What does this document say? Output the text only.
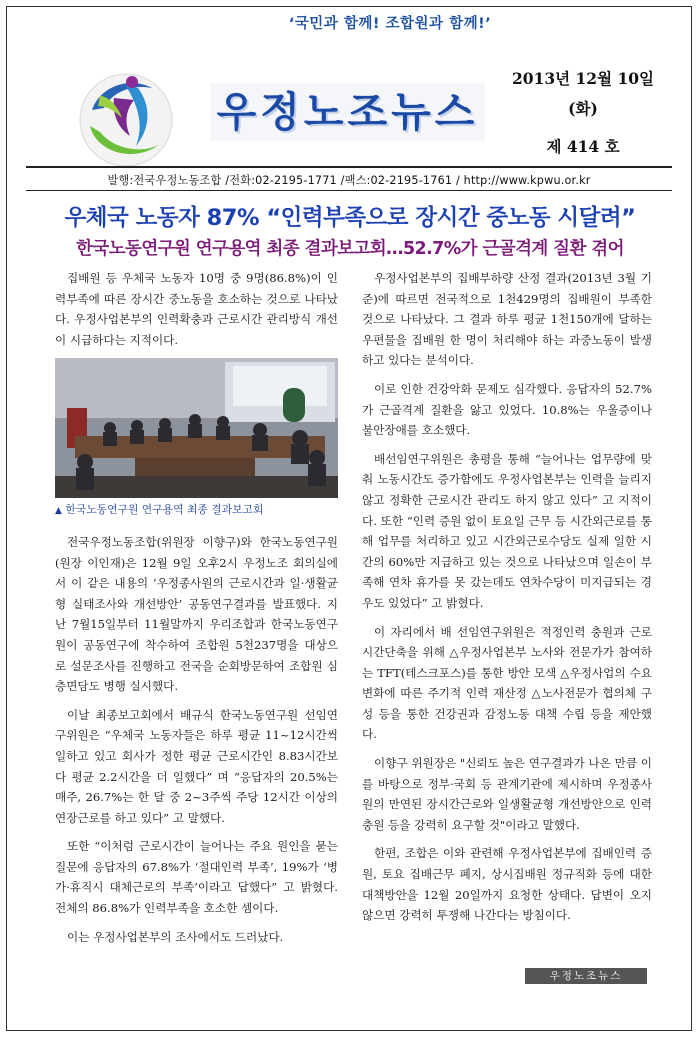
‘국민과 함께! 조합원과 함께!’
우정노조뉴스
2013년 12월 10일
(화)
제 414 호
발행:전국우정노동조합 /전화:02-2195-1771 /팩스:02-2195-1761 / http://www.kpwu.or.kr
우체국 노동자 87% “인력부족으로 장시간 중노동 시달려”
한국노동연구원 연구용역 최종 결과보고회…52.7%가 근골격계 질환 겪어

집배원 등 우체국 노동자 10명 중 9명(86.8%)이 인력부족에 따른 장시간 중노동을 호소하는 것으로 나타났다. 우정사업본부의 인력확충과 근로시간 관리방식 개선이 시급하다는 지적이다.

▲ 한국노동연구원 연구용역 최종 결과보고회

전국우정노동조합(위원장 이향구)와 한국노동연구원(원장 이인재)은 12월 9일 오후2시 우정노조 회의실에서 이 같은 내용의 ‘우정종사원의 근로시간과 일·생활균형 실태조사와 개선방안’ 공동연구결과를 발표했다. 지난 7월15일부터 11월말까지 우리조합과 한국노동연구원이 공동연구에 착수하여 조합원 5천237명을 대상으로 설문조사를 진행하고 전국을 순회방문하여 조합원 심층면담도 병행 실시했다.

이날 최종보고회에서 배규식 한국노동연구원 선임연구위원은 “우체국 노동자들은 하루 평균 11~12시간씩 일하고 있고 회사가 정한 평균 근로시간인 8.83시간보다 평균 2.2시간을 더 일했다” 며 “응답자의 20.5%는 매주, 26.7%는 한 달 중 2~3주씩 주당 12시간 이상의 연장근로를 하고 있다” 고 말했다.

또한 “이처럼 근로시간이 늘어나는 주요 원인을 묻는 질문에 응답자의 67.8%가 ‘절대인력 부족’, 19%가 ‘병가·휴직시 대체근로의 부족’이라고 답했다” 고 밝혔다. 전체의 86.8%가 인력부족을 호소한 셈이다.

이는 우정사업본부의 조사에서도 드러났다.

우정사업본부의 집배부하량 산정 결과(2013년 3월 기준)에 따르면 전국적으로 1천429명의 집배원이 부족한 것으로 나타났다. 그 결과 하루 평균 1천150개에 달하는 우편물을 집배원 한 명이 처리해야 하는 과중노동이 발생하고 있다는 분석이다.

이로 인한 건강악화 문제도 심각했다. 응답자의 52.7%가 근골격계 질환을 앓고 있었다. 10.8%는 우울증이나 불안장애를 호소했다.

배선임연구위원은 총평을 통해 “늘어나는 업무량에 맞춰 노동시간도 증가함에도 우정사업본부는 인력을 늘리지 않고 정확한 근로시간 관리도 하지 않고 있다” 고 지적이다. 또한 “인력 증원 없이 토요일 근무 등 시간외근로를 통해 업무를 처리하고 있고 시간외근로수당도 실제 일한 시간의 60%만 지급하고 있는 것으로 나타났으며 일손이 부족해 연차 휴가를 못 갔는데도 연차수당이 미지급되는 경우도 있었다” 고 밝혔다.

이 자리에서 배 선임연구위원은 적정인력 충원과 근로시간단축을 위해 △우정사업본부 노사와 전문가가 참여하는 TFT(테스크포스)를 통한 방안 모색 △우정사업의 수요변화에 따른 주기적 인력 재산정 △노사전문가 협의체 구성 등을 통한 건강권과 감정노동 대책 수립 등을 제안했다.

이향구 위원장은 "신뢰도 높은 연구결과가 나온 만큼 이를 바탕으로 정부·국회 등 관계기관에 제시하며 우정종사원의 만연된 장시간근로와 일생활균형 개선방안으로 인력충원 등을 강력히 요구할 것"이라고 말했다.

한편, 조합은 이와 관련해 우정사업본부에 집배인력 증원, 토요 집배근무 폐지, 상시집배원 정규직화 등에 대한 대책방안을 12월 20일까지 요청한 상태다. 답변이 오지 않으면 강력히 투쟁해 나간다는 방침이다.

우정노조뉴스
